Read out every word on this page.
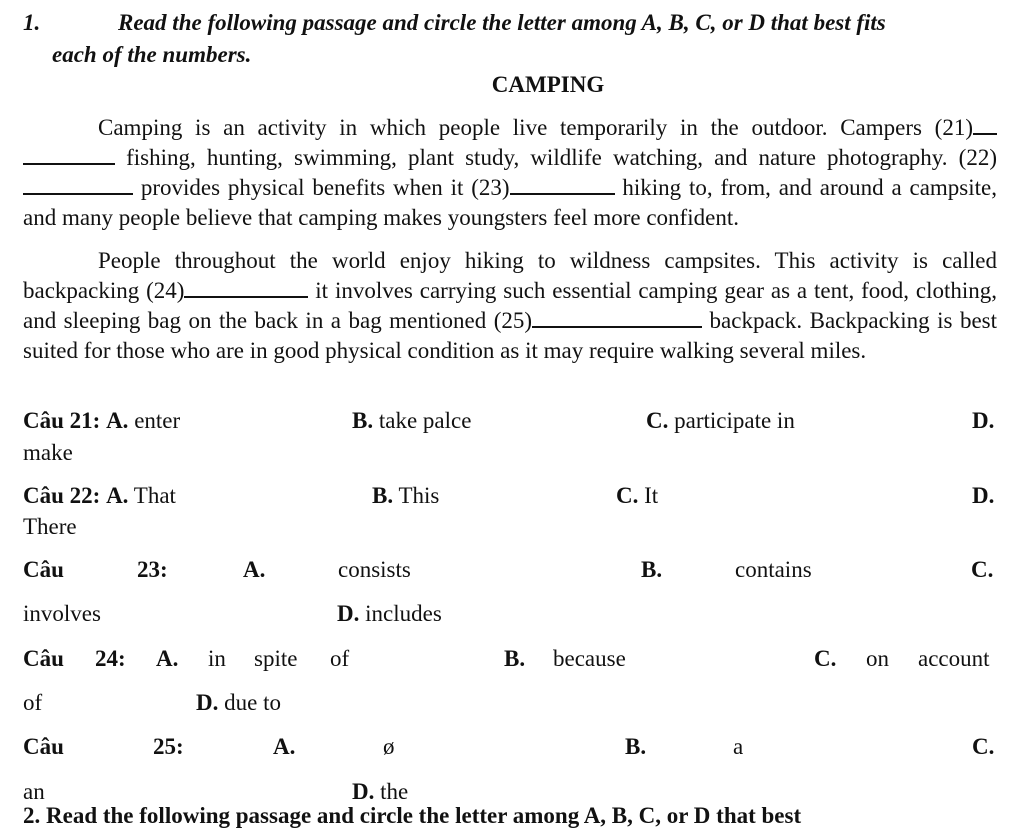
1.	Read the following passage and circle the letter among A, B, C, or D that best fits
each of the numbers.
CAMPING

Camping is an activity in which people live temporarily in the outdoor. Campers (21)  fishing, hunting, swimming, plant study, wildlife watching, and nature photography. (22) provides physical benefits when it (23)	hiking to, from, and around a campsite, and many people believe that camping makes youngsters feel more confident.

People throughout the world enjoy hiking to wildness campsites. This activity is called backpacking (24)	it involves carrying such essential camping gear as a tent, food, clothing, and sleeping bag on the back in a bag mentioned (25)	backpack. Backpacking is best suited for those who are in good physical condition as it may require walking several miles.

Câu 21: A. enter	B. take palce	C. participate in	D.
make
Câu 22: A. That	B. This	C. It	D.
There
Câu	23:	A.	consists	B.	contains	C.
involves	D. includes
Câu 24: A. in spite of	B. because	C. on account
of	D. due to
Câu	25:	A.	ø	B.	a	C.
an	D. the
2. Read the following passage and circle the letter among A, B, C, or D that best
